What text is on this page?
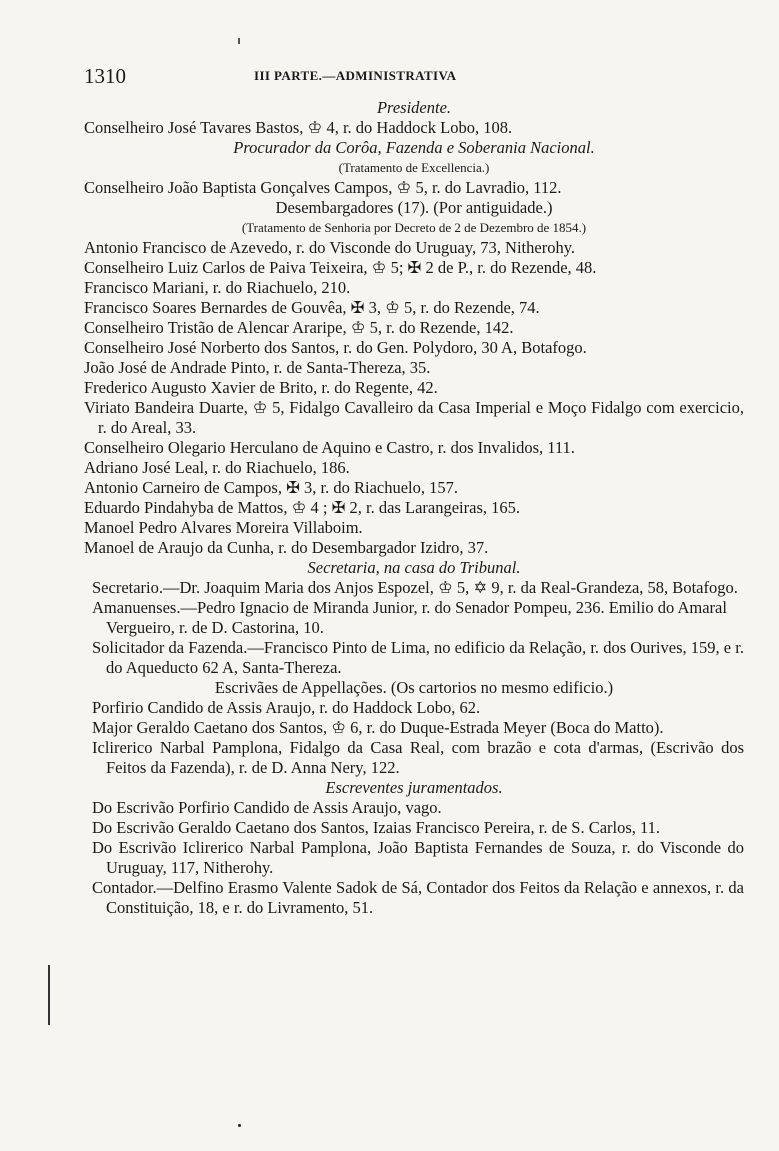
1310	III PARTE.—ADMINISTRATIVA

Presidente.

Conselheiro José Tavares Bastos, ♔ 4, r. do Haddock Lobo, 108.

Procurador da Corôa, Fazenda e Soberania Nacional.

(Tratamento de Excellencia.)

Conselheiro João Baptista Gonçalves Campos, ♔ 5, r. do Lavradio, 112.

Desembargadores (17). (Por antiguidade.)

(Tratamento de Senhoria por Decreto de 2 de Dezembro de 1854.)

Antonio Francisco de Azevedo, r. do Visconde do Uruguay, 73, Nitherohy.

Conselheiro Luiz Carlos de Paiva Teixeira, ♔ 5; ✠ 2 de P., r. do Rezende, 48.

Francisco Mariani, r. do Riachuelo, 210.

Francisco Soares Bernardes de Gouvêa, ✠ 3, ♔ 5, r. do Rezende, 74.

Conselheiro Tristão de Alencar Araripe, ♔ 5, r. do Rezende, 142.

Conselheiro José Norberto dos Santos, r. do Gen. Polydoro, 30 A, Botafogo.

João José de Andrade Pinto, r. de Santa-Thereza, 35.

Frederico Augusto Xavier de Brito, r. do Regente, 42.

Viriato Bandeira Duarte, ♔ 5, Fidalgo Cavalleiro da Casa Imperial e Moço Fidalgo com exercicio, r. do Areal, 33.

Conselheiro Olegario Herculano de Aquino e Castro, r. dos Invalidos, 111.

Adriano José Leal, r. do Riachuelo, 186.

Antonio Carneiro de Campos, ✠ 3, r. do Riachuelo, 157.

Eduardo Pindahyba de Mattos, ♔ 4 ; ✠ 2, r. das Larangeiras, 165.

Manoel Pedro Alvares Moreira Villaboim.

Manoel de Araujo da Cunha, r. do Desembargador Izidro, 37.

Secretaria, na casa do Tribunal.

Secretario.—Dr. Joaquim Maria dos Anjos Espozel, ♔ 5, ✡ 9, r. da Real-Grandeza, 58, Botafogo.

Amanuenses.—Pedro Ignacio de Miranda Junior, r. do Senador Pompeu, 236. Emilio do Amaral Vergueiro, r. de D. Castorina, 10.

Solicitador da Fazenda.—Francisco Pinto de Lima, no edificio da Relação, r. dos Ourives, 159, e r. do Aqueducto 62 A, Santa-Thereza.

Escrivães de Appellações. (Os cartorios no mesmo edificio.)

Porfirio Candido de Assis Araujo, r. do Haddock Lobo, 62.

Major Geraldo Caetano dos Santos, ♔ 6, r. do Duque-Estrada Meyer (Boca do Matto).

Iclirerico Narbal Pamplona, Fidalgo da Casa Real, com brazão e cota d'armas, (Escrivão dos Feitos da Fazenda), r. de D. Anna Nery, 122.

Escreventes juramentados.

Do Escrivão Porfirio Candido de Assis Araujo, vago.

Do Escrivão Geraldo Caetano dos Santos, Izaias Francisco Pereira, r. de S. Carlos, 11.

Do Escrivão Iclirerico Narbal Pamplona, João Baptista Fernandes de Souza, r. do Visconde do Uruguay, 117, Nitherohy.

Contador.—Delfino Erasmo Valente Sadok de Sá, Contador dos Feitos da Relação e annexos, r. da Constituição, 18, e r. do Livramento, 51.
